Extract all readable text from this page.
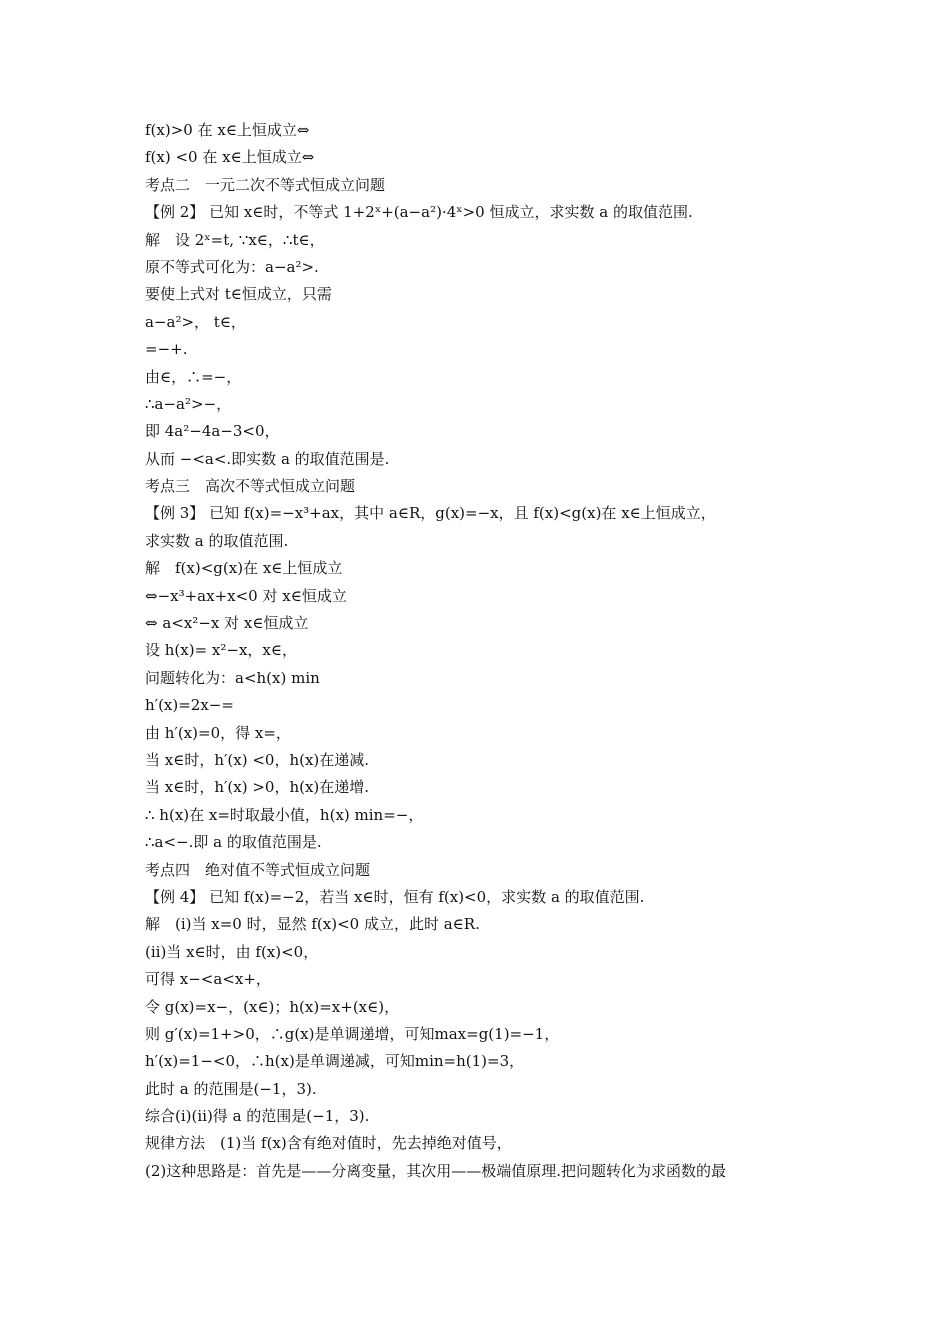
f(x)>0 在 x∈上恒成立⇔
f(x) <0 在 x∈上恒成立⇔
考点二　一元二次不等式恒成立问题
【例 2】 已知 x∈时，不等式 1+2ˣ+(a−a²)·4ˣ>0 恒成立，求实数 a 的取值范围.
解　设 2ˣ=t, ∵x∈，∴t∈，
原不等式可化为：a−a²>.
要使上式对 t∈恒成立，只需
a−a²>， t∈，
=−+.
由∈，∴=−，
∴a−a²>−，
即 4a²−4a−3<0，
从而 −<a<.即实数 a 的取值范围是.
考点三　高次不等式恒成立问题
【例 3】 已知 f(x)=−x³+ax，其中 a∈R，g(x)=−x，且 f(x)<g(x)在 x∈上恒成立，
求实数 a 的取值范围.
解　f(x)<g(x)在 x∈上恒成立
⇔−x³+ax+x<0 对 x∈恒成立
⇔ a<x²−x 对 x∈恒成立
设 h(x)= x²−x，x∈，
问题转化为：a<h(x) min
h′(x)=2x−=
由 h′(x)=0，得 x=，
当 x∈时，h′(x) <0，h(x)在递减.
当 x∈时，h′(x) >0，h(x)在递增.
∴ h(x)在 x=时取最小值，h(x) min=−，
∴a<−.即 a 的取值范围是.
考点四　绝对值不等式恒成立问题
【例 4】 已知 f(x)=−2，若当 x∈时，恒有 f(x)<0，求实数 a 的取值范围.
解　(ⅰ)当 x=0 时，显然 f(x)<0 成立，此时 a∈R.
(ⅱ)当 x∈时，由 f(x)<0，
可得 x−<a<x+，
令 g(x)=x−，(x∈)；h(x)=x+(x∈)，
则 g′(x)=1+>0，∴g(x)是单调递增，可知max=g(1)=−1，
h′(x)=1−<0，∴h(x)是单调递减，可知min=h(1)=3，
此时 a 的范围是(−1，3).
综合(ⅰ)(ⅱ)得 a 的范围是(−1，3).
规律方法　(1)当 f(x)含有绝对值时，先去掉绝对值号，
(2)这种思路是：首先是——分离变量，其次用——极端值原理.把问题转化为求函数的最
